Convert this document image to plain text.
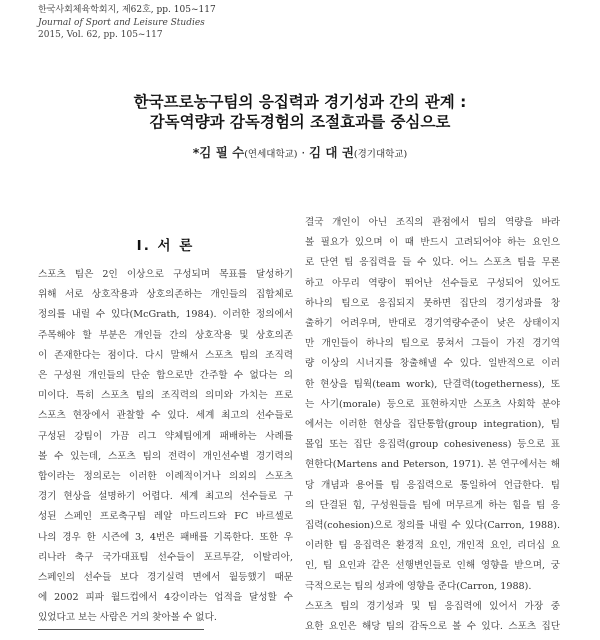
한국사회체육학회지, 제62호, pp. 105~117
Journal of Sport and Leisure Studies
2015, Vol. 62, pp. 105~117
한국프로농구팀의 응집력과 경기성과 간의 관계 :
감독역량과 감독경험의 조절효과를 중심으로
*김 필 수(연세대학교) · 김 대 권(경기대학교)
I. 서 론

스포츠 팀은 2인 이상으로 구성되며 목표를 달성하기
위해 서로 상호작용과 상호의존하는 개인들의 집합체로
정의를 내릴 수 있다(McGrath, 1984). 이러한 정의에서
주목해야 할 부분은 개인들 간의 상호작용 및 상호의존
이 존재한다는 점이다. 다시 말해서 스포츠 팀의 조직력
은 구성원 개인들의 단순 합으로만 간주할 수 없다는 의
미이다. 특히 스포츠 팀의 조직력의 의미와 가치는 프로
스포츠 현장에서 관찰할 수 있다. 세계 최고의 선수들로
구성된 강팀이 가끔 리그 약체팀에게 패배하는 사례를
볼 수 있는데, 스포츠 팀의 전력이 개인선수별 경기력의
합이라는 정의로는 이러한 이례적이거나 의외의 스포츠
경기 현상을 설명하기 어렵다. 세계 최고의 선수들로 구
성된 스페인 프로축구팀 레알 마드리드와 FC 바르셀로
나의 경우 한 시즌에 3, 4번은 패배를 기록한다. 또한 우
리나라 축구 국가대표팀 선수들이 포르투갈, 이탈리아,
스페인의 선수들 보다 경기실력 면에서 월등했기 때문
에 2002 피파 월드컵에서 4강이라는 업적을 달성할 수
있었다고 보는 사람은 거의 찾아볼 수 없다.

결국 개인이 아닌 조직의 관점에서 팀의 역량을 바라
볼 필요가 있으며 이 때 반드시 고려되어야 하는 요인으
로 단연 팀 응집력을 들 수 있다. 어느 스포츠 팀을 무론
하고 아무리 역량이 뛰어난 선수들로 구성되어 있어도
하나의 팀으로 응집되지 못하면 집단의 경기성과를 창
출하기 어려우며, 반대로 경기역량수준이 낮은 상태이지
만 개인들이 하나의 팀으로 뭉쳐서 그들이 가진 경기역
량 이상의 시너지를 창출해낼 수 있다. 일반적으로 이러
한 현상을 팀웍(team work), 단결력(togetherness), 또
는 사기(morale) 등으로 표현하지만 스포츠 사회학 분야
에서는 이러한 현상을 집단통합(group integration), 팀
몰입 또는 집단 응집력(group cohesiveness) 등으로 표
현한다(Martens and Peterson, 1971). 본 연구에서는 해
당 개념과 용어를 팀 응집력으로 통일하여 언급한다. 팀
의 단결된 힘, 구성원들을 팀에 머무르게 하는 힘을 팀 응
집력(cohesion)으로 정의를 내릴 수 있다(Carron, 1988).
이러한 팀 응집력은 환경적 요인, 개인적 요인, 리더십 요
인, 팀 요인과 같은 선행변인들로 인해 영향을 받으며, 궁
극적으로는 팀의 성과에 영향을 준다(Carron, 1988).

스포츠 팀의 경기성과 및 팀 응집력에 있어서 가장 중
요한 요인은 해당 팀의 감독으로 볼 수 있다. 스포츠 집단
